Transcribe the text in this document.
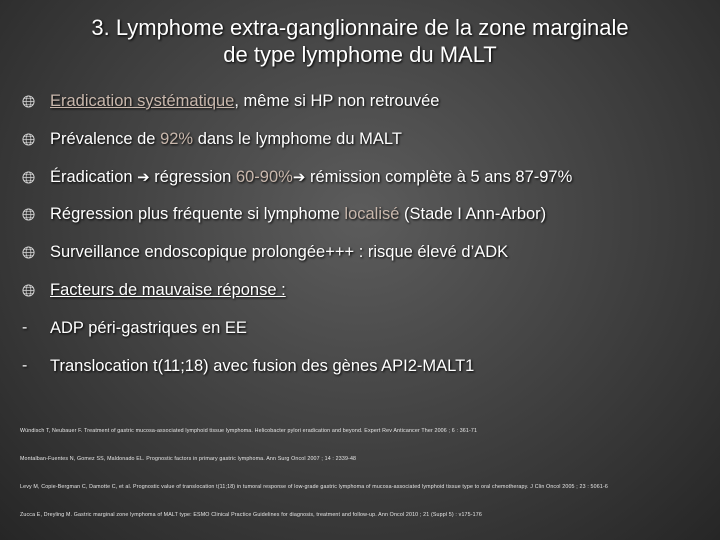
3. Lymphome extra-ganglionnaire de la zone marginale
de type lymphome du MALT
Eradication systématique, même si HP non retrouvée
Prévalence de 92% dans le lymphome du MALT
Éradication ➔ régression 60-90%➔ rémission complète à 5 ans 87-97%
Régression plus fréquente si lymphome localisé (Stade I Ann-Arbor)
Surveillance endoscopique prolongée+++ : risque élevé d’ADK
Facteurs de mauvaise réponse :
-	ADP péri-gastriques en EE
-	Translocation t(11;18) avec fusion des gènes API2-MALT1
Wündisch T, Neubauer F. Treatment of gastric mucosa-associated lymphoid tissue lymphoma. Helicobacter pylori eradication and beyond. Expert Rev Anticancer Ther 2006 ; 6 : 361-71
Montalban-Fuentes N, Gomez SS, Maldonado EL. Prognostic factors in primary gastric lymphoma. Ann Surg Oncol 2007 ; 14 : 2339-48
Levy M, Copie-Bergman C, Damotte C, et al. Prognostic value of translocation t(11;18) in tumoral response of low-grade gastric lymphoma of mucosa-associated lymphoid tissue type to oral chemotherapy. J Clin Oncol 2005 ; 23 : 5061-6
Zucca E, Dreyling M. Gastric marginal zone lymphoma of MALT type: ESMO Clinical Practice Guidelines for diagnosis, treatment and follow-up. Ann Oncol 2010 ; 21 (Suppl 5) : v175-176
